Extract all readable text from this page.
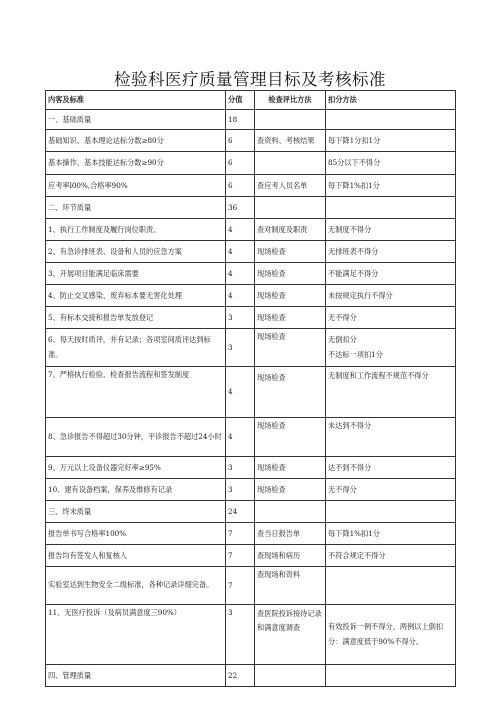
检验科医疗质量管理目标及考核标准
内客及标准	分值	检查评比方法	扣分方法
一、基础质量	18		
基础知识、基本理论达标分数≥80分	6	查资料、考核结果	每下降1分扣1分
基本操作、基本技能达标分数≥90分	6		85分以下不得分
应考率l00%,合格率90%	6	查应考人员名单	每下降1%扣1分
二、环节质量	36		
1、执行工作制度及履行岗位职责。	4	查对制度及职责	无制度不得分
2、有急诊排班表、设备和人员的应急方案	4	现场检查	无排班表不得分
3、开展项目能满足临床需要	4	现场检查	不能满足不得分
4、防止交叉感染、废弃标本要无害化处理	4	现场检查	未按规定执行不得分
5、有标本交接和报告单发放登记	3	现场检查	无不得分
6、每天按时质评，并有记录；各项室间质评达到标准。	3	现场检查	无倒扣分
不达标一项扣1分
7、严格执行检验、检查报告流程和签发制度	4	现场检查	无制度和工作流程不规范不得分
8、急诊报告不得超过30分钟，平诊报告不超过24小时	4	现场检查	未达到不得分
9、万元以上设备仪器完好率≥95%	3	现场检查	达不到不得分
10、建有设备档案，保养及维修有记录	3	现场检查	无不得分
三、终末质量	24		
报告单书写合格率100%	7	查当日报告单	每下降1%扣1分
报告均有签发人和复核人	7	查现场和病历	不符合规定不得分
实验室达到生物安全二级标准，各种记录详细完备。	7	查现场和资料	
11、无医疗投诉（及病员满意度三90%）	3	查医院投诉接待记录和满意度调查	有效投诉一例不得分，两例以上倒扣分：满意度低于90%不得分。
四、管理质量	22		
